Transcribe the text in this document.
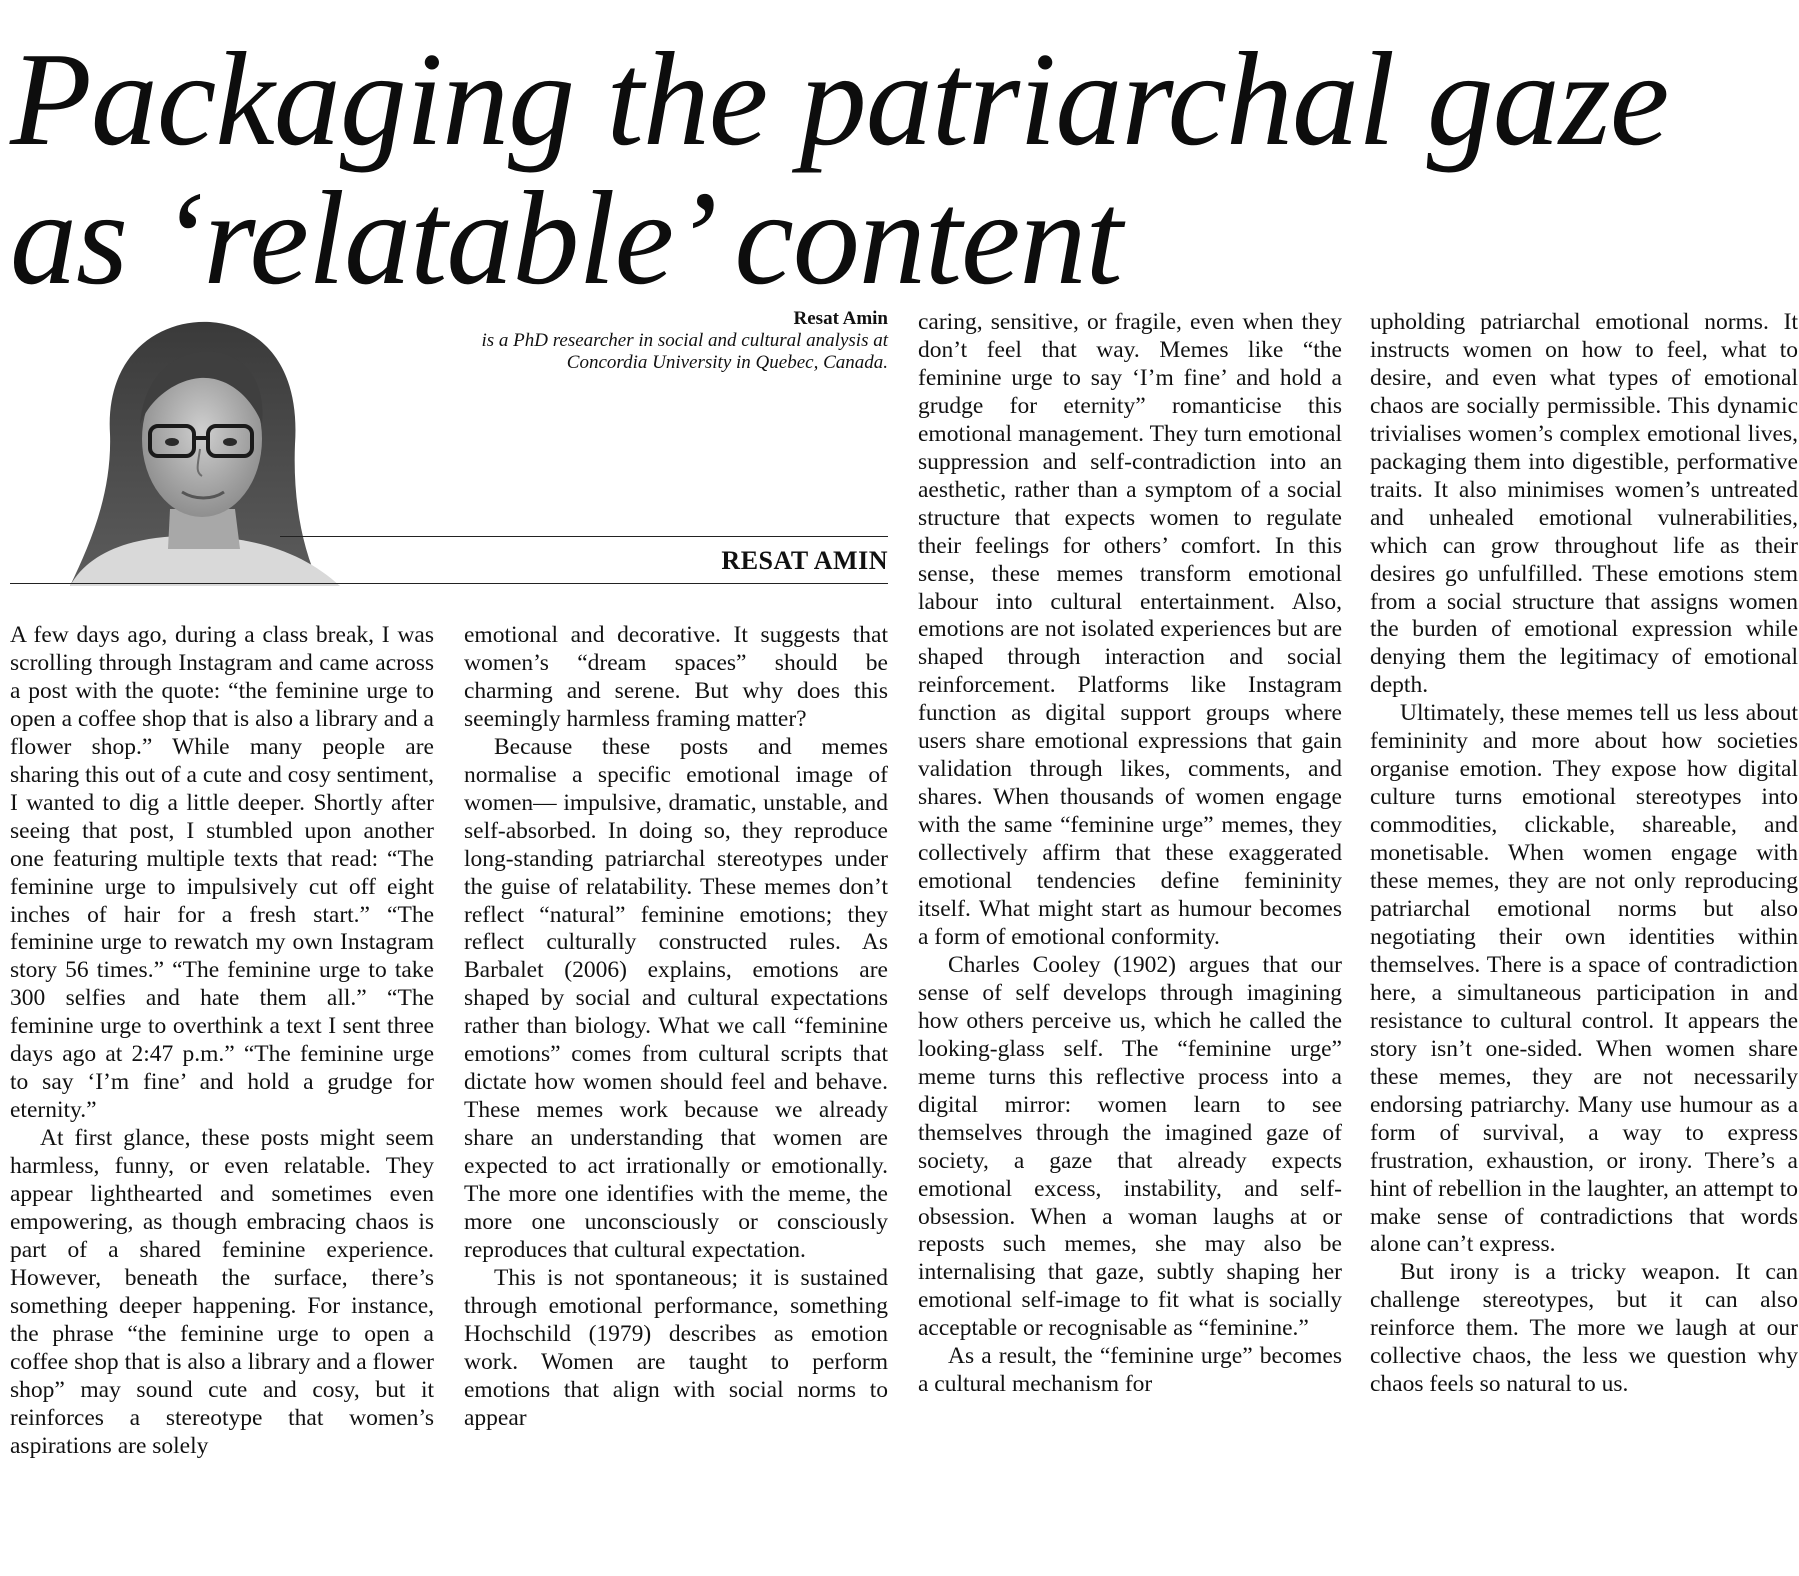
Packaging the patriarchal gaze
as ‘relatable’ content
Resat Amin
is a PhD researcher in social and cultural analysis at Concordia University in Quebec, Canada.
RESAT AMIN

A few days ago, during a class break, I was scrolling through Instagram and came across a post with the quote: “the feminine urge to open a coffee shop that is also a library and a flower shop.” While many people are sharing this out of a cute and cosy sentiment, I wanted to dig a little deeper. Shortly after seeing that post, I stumbled upon another one featuring multiple texts that read: “The feminine urge to impulsively cut off eight inches of hair for a fresh start.” “The feminine urge to rewatch my own Instagram story 56 times.” “The feminine urge to take 300 selfies and hate them all.” “The feminine urge to overthink a text I sent three days ago at 2:47 p.m.” “The feminine urge to say ‘I’m fine’ and hold a grudge for eternity.”

At first glance, these posts might seem harmless, funny, or even relatable. They appear lighthearted and sometimes even empowering, as though embracing chaos is part of a shared feminine experience. However, beneath the surface, there’s something deeper happening. For instance, the phrase “the feminine urge to open a coffee shop that is also a library and a flower shop” may sound cute and cosy, but it reinforces a stereotype that women’s aspirations are solely

emotional and decorative. It suggests that women’s “dream spaces” should be charming and serene. But why does this seemingly harmless framing matter?

Because these posts and memes normalise a specific emotional image of women— impulsive, dramatic, unstable, and self-absorbed. In doing so, they reproduce long-standing patriarchal stereotypes under the guise of relatability. These memes don’t reflect “natural” feminine emotions; they reflect culturally constructed rules. As Barbalet (2006) explains, emotions are shaped by social and cultural expectations rather than biology. What we call “feminine emotions” comes from cultural scripts that dictate how women should feel and behave. These memes work because we already share an understanding that women are expected to act irrationally or emotionally. The more one identifies with the meme, the more one unconsciously or consciously reproduces that cultural expectation.

This is not spontaneous; it is sustained through emotional performance, something Hochschild (1979) describes as emotion work. Women are taught to perform emotions that align with social norms to appear

caring, sensitive, or fragile, even when they don’t feel that way. Memes like “the feminine urge to say ‘I’m fine’ and hold a grudge for eternity” romanticise this emotional management. They turn emotional suppression and self-contradiction into an aesthetic, rather than a symptom of a social structure that expects women to regulate their feelings for others’ comfort. In this sense, these memes transform emotional labour into cultural entertainment. Also, emotions are not isolated experiences but are shaped through interaction and social reinforcement. Platforms like Instagram function as digital support groups where users share emotional expressions that gain validation through likes, comments, and shares. When thousands of women engage with the same “feminine urge” memes, they collectively affirm that these exaggerated emotional tendencies define femininity itself. What might start as humour becomes a form of emotional conformity.

Charles Cooley (1902) argues that our sense of self develops through imagining how others perceive us, which he called the looking-glass self. The “feminine urge” meme turns this reflective process into a digital mirror: women learn to see themselves through the imagined gaze of society, a gaze that already expects emotional excess, instability, and self-obsession. When a woman laughs at or reposts such memes, she may also be internalising that gaze, subtly shaping her emotional self-image to fit what is socially acceptable or recognisable as “feminine.”

As a result, the “feminine urge” becomes a cultural mechanism for

upholding patriarchal emotional norms. It instructs women on how to feel, what to desire, and even what types of emotional chaos are socially permissible. This dynamic trivialises women’s complex emotional lives, packaging them into digestible, performative traits. It also minimises women’s untreated and unhealed emotional vulnerabilities, which can grow throughout life as their desires go unfulfilled. These emotions stem from a social structure that assigns women the burden of emotional expression while denying them the legitimacy of emotional depth.

Ultimately, these memes tell us less about femininity and more about how societies organise emotion. They expose how digital culture turns emotional stereotypes into commodities, clickable, shareable, and monetisable. When women engage with these memes, they are not only reproducing patriarchal emotional norms but also negotiating their own identities within themselves. There is a space of contradiction here, a simultaneous participation in and resistance to cultural control. It appears the story isn’t one-sided. When women share these memes, they are not necessarily endorsing patriarchy. Many use humour as a form of survival, a way to express frustration, exhaustion, or irony. There’s a hint of rebellion in the laughter, an attempt to make sense of contradictions that words alone can’t express.

But irony is a tricky weapon. It can challenge stereotypes, but it can also reinforce them. The more we laugh at our collective chaos, the less we question why chaos feels so natural to us.
